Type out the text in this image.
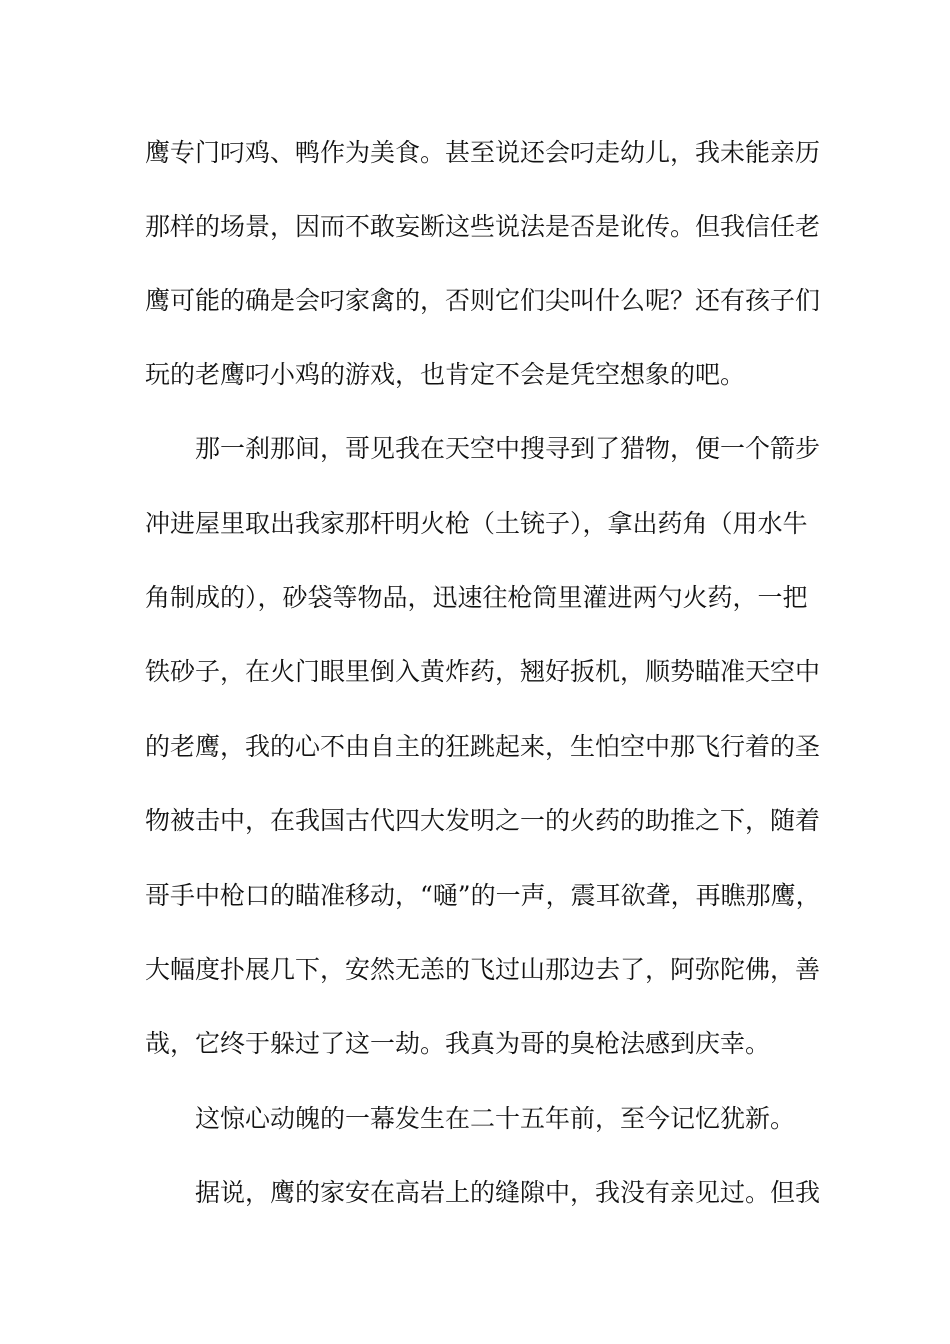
鹰专门叼鸡、鸭作为美食。甚至说还会叼走幼儿，我未能亲历

那样的场景，因而不敢妄断这些说法是否是讹传。但我信任老

鹰可能的确是会叼家禽的，否则它们尖叫什么呢？还有孩子们

玩的老鹰叼小鸡的游戏，也肯定不会是凭空想象的吧。

　　那一刹那间，哥见我在天空中搜寻到了猎物，便一个箭步

冲进屋里取出我家那杆明火枪（土铳子），拿出药角（用水牛

角制成的），砂袋等物品，迅速往枪筒里灌进两勺火药，一把

铁砂子，在火门眼里倒入黄炸药，翘好扳机，顺势瞄准天空中

的老鹰，我的心不由自主的狂跳起来，生怕空中那飞行着的圣

物被击中，在我国古代四大发明之一的火药的助推之下，随着

哥手中枪口的瞄准移动，“嗵”的一声，震耳欲聋，再瞧那鹰，

大幅度扑展几下，安然无恙的飞过山那边去了，阿弥陀佛，善

哉，它终于躲过了这一劫。我真为哥的臭枪法感到庆幸。

　　这惊心动魄的一幕发生在二十五年前，至今记忆犹新。

　　据说，鹰的家安在高岩上的缝隙中，我没有亲见过。但我
